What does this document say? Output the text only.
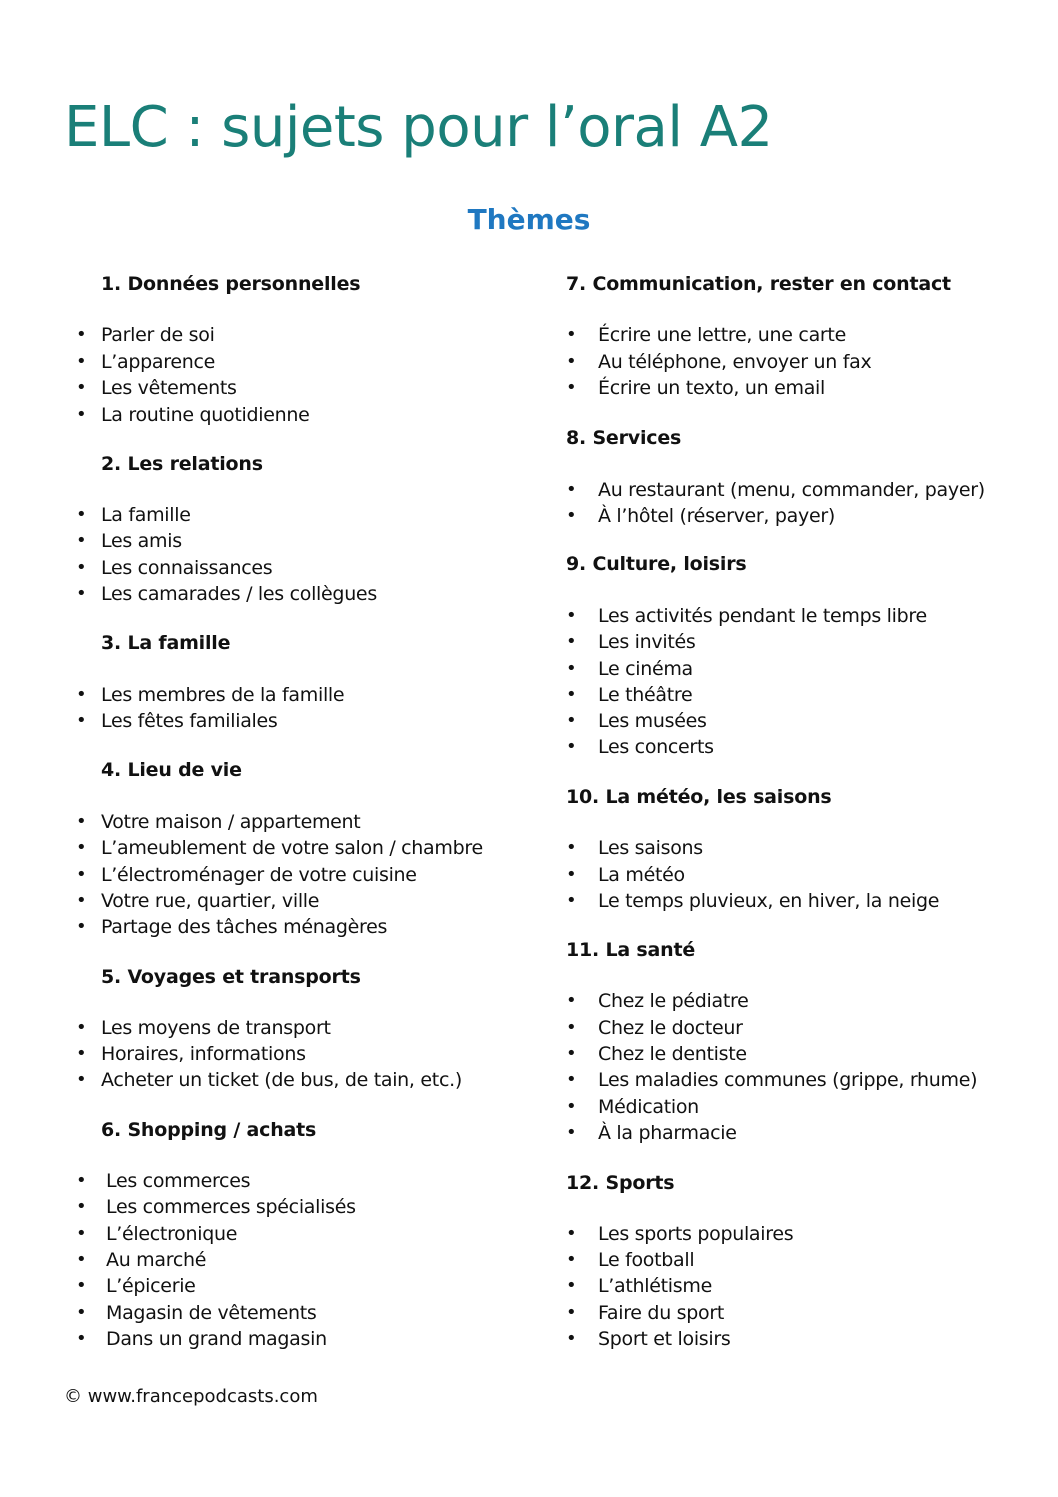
ELC : sujets pour l’oral A2
Thèmes
1. Données personnelles
• Parler de soi
• L’apparence
• Les vêtements
• La routine quotidienne
2. Les relations
• La famille
• Les amis
• Les connaissances
• Les camarades / les collègues
3. La famille
• Les membres de la famille
• Les fêtes familiales
4. Lieu de vie
• Votre maison / appartement
• L’ameublement de votre salon / chambre
• L’électroménager de votre cuisine
• Votre rue, quartier, ville
• Partage des tâches ménagères
5. Voyages et transports
• Les moyens de transport
• Horaires, informations
• Acheter un ticket (de bus, de tain, etc.)
6. Shopping / achats
• Les commerces
• Les commerces spécialisés
• L’électronique
• Au marché
• L’épicerie
• Magasin de vêtements
• Dans un grand magasin
7. Communication, rester en contact
• Écrire une lettre, une carte
• Au téléphone, envoyer un fax
• Écrire un texto, un email
8. Services
• Au restaurant (menu, commander, payer)
• À l’hôtel (réserver, payer)
9. Culture, loisirs
• Les activités pendant le temps libre
• Les invités
• Le cinéma
• Le théâtre
• Les musées
• Les concerts
10. La météo, les saisons
• Les saisons
• La météo
• Le temps pluvieux, en hiver, la neige
11. La santé
• Chez le pédiatre
• Chez le docteur
• Chez le dentiste
• Les maladies communes (grippe, rhume)
• Médication
• À la pharmacie
12. Sports
• Les sports populaires
• Le football
• L’athlétisme
• Faire du sport
• Sport et loisirs
© www.francepodcasts.com
